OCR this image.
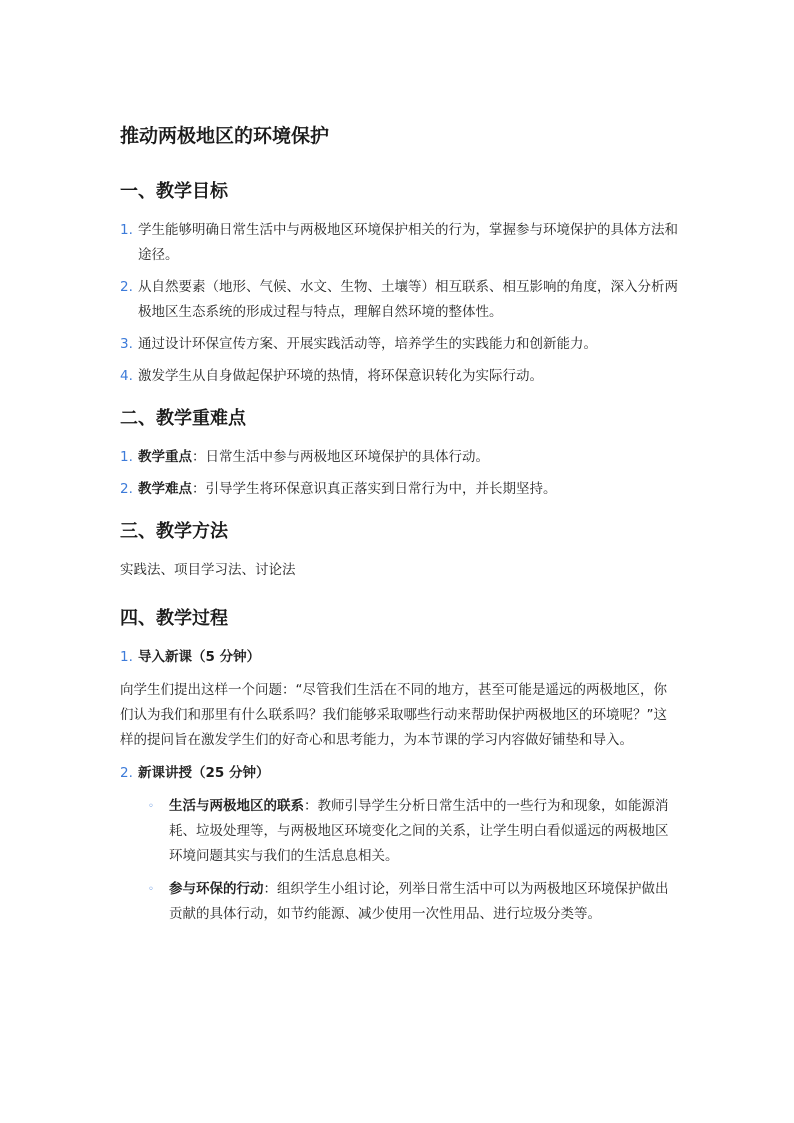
推动两极地区的环境保护
一、教学目标
1. 学生能够明确日常生活中与两极地区环境保护相关的行为，掌握参与环境保护的具体方法和途径。
2. 从自然要素（地形、气候、水文、生物、土壤等）相互联系、相互影响的角度，深入分析两极地区生态系统的形成过程与特点，理解自然环境的整体性。
3. 通过设计环保宣传方案、开展实践活动等，培养学生的实践能力和创新能力。
4. 激发学生从自身做起保护环境的热情，将环保意识转化为实际行动。
二、教学重难点
1. 教学重点：日常生活中参与两极地区环境保护的具体行动。
2. 教学难点：引导学生将环保意识真正落实到日常行为中，并长期坚持。
三、教学方法
实践法、项目学习法、讨论法
四、教学过程
1. 导入新课（5 分钟）
向学生们提出这样一个问题：“尽管我们生活在不同的地方，甚至可能是遥远的两极地区，你们认为我们和那里有什么联系吗？我们能够采取哪些行动来帮助保护两极地区的环境呢？”这样的提问旨在激发学生们的好奇心和思考能力，为本节课的学习内容做好铺垫和导入。
2. 新课讲授（25 分钟）
◦ 生活与两极地区的联系：教师引导学生分析日常生活中的一些行为和现象，如能源消耗、垃圾处理等，与两极地区环境变化之间的关系，让学生明白看似遥远的两极地区环境问题其实与我们的生活息息相关。
◦ 参与环保的行动：组织学生小组讨论，列举日常生活中可以为两极地区环境保护做出贡献的具体行动，如节约能源、减少使用一次性用品、进行垃圾分类等。
